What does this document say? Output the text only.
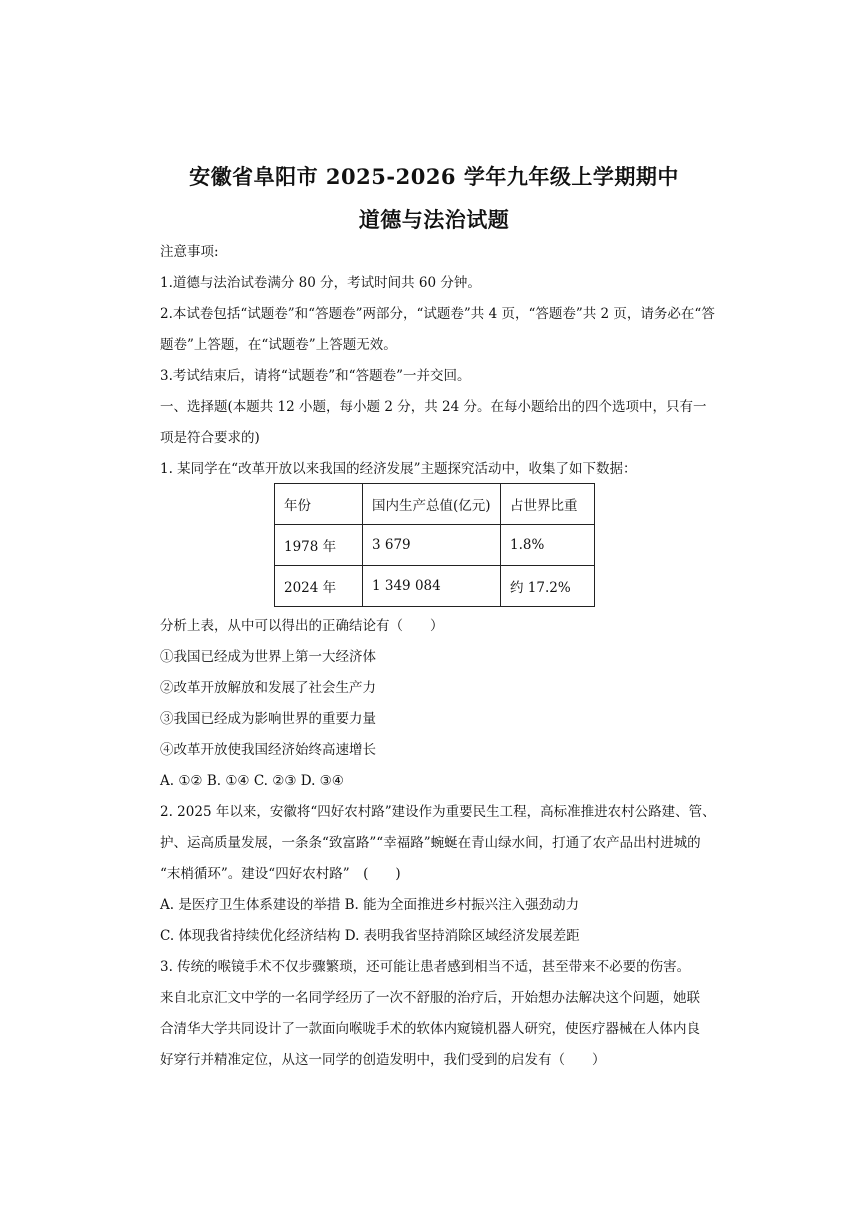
安徽省阜阳市 2025-2026 学年九年级上学期期中
道德与法治试题
注意事项:
1.道德与法治试卷满分 80 分，考试时间共 60 分钟。
2.本试卷包括“试题卷”和“答题卷”两部分，“试题卷”共 4 页，“答题卷”共 2 页，请务必在“答
题卷”上答题，在“试题卷”上答题无效。
3.考试结束后，请将“试题卷”和“答题卷”一并交回。
一、选择题(本题共 12 小题，每小题 2 分，共 24 分。在每小题给出的四个选项中，只有一
项是符合要求的)
1. 某同学在“改革开放以来我国的经济发展”主题探究活动中，收集了如下数据：
年份	国内生产总值(亿元)	占世界比重
1978 年	3 679	1.8%
2024 年	1 349 084	约 17.2%
分析上表，从中可以得出的正确结论有（　　）
①我国已经成为世界上第一大经济体
②改革开放解放和发展了社会生产力
③我国已经成为影响世界的重要力量
④改革开放使我国经济始终高速增长
A. ①② B. ①④ C. ②③ D. ③④
2. 2025 年以来，安徽将“四好农村路”建设作为重要民生工程，高标准推进农村公路建、管、
护、运高质量发展，一条条“致富路”“幸福路”蜿蜒在青山绿水间，打通了农产品出村进城的
“末梢循环”。建设“四好农村路”　(　　)
A. 是医疗卫生体系建设的举措 B. 能为全面推进乡村振兴注入强劲动力
C. 体现我省持续优化经济结构 D. 表明我省坚持消除区域经济发展差距
3. 传统的喉镜手术不仅步骤繁琐，还可能让患者感到相当不适，甚至带来不必要的伤害。
来自北京汇文中学的一名同学经历了一次不舒服的治疗后，开始想办法解决这个问题，她联
合清华大学共同设计了一款面向喉咙手术的软体内窥镜机器人研究，使医疗器械在人体内良
好穿行并精准定位，从这一同学的创造发明中，我们受到的启发有（　　）
